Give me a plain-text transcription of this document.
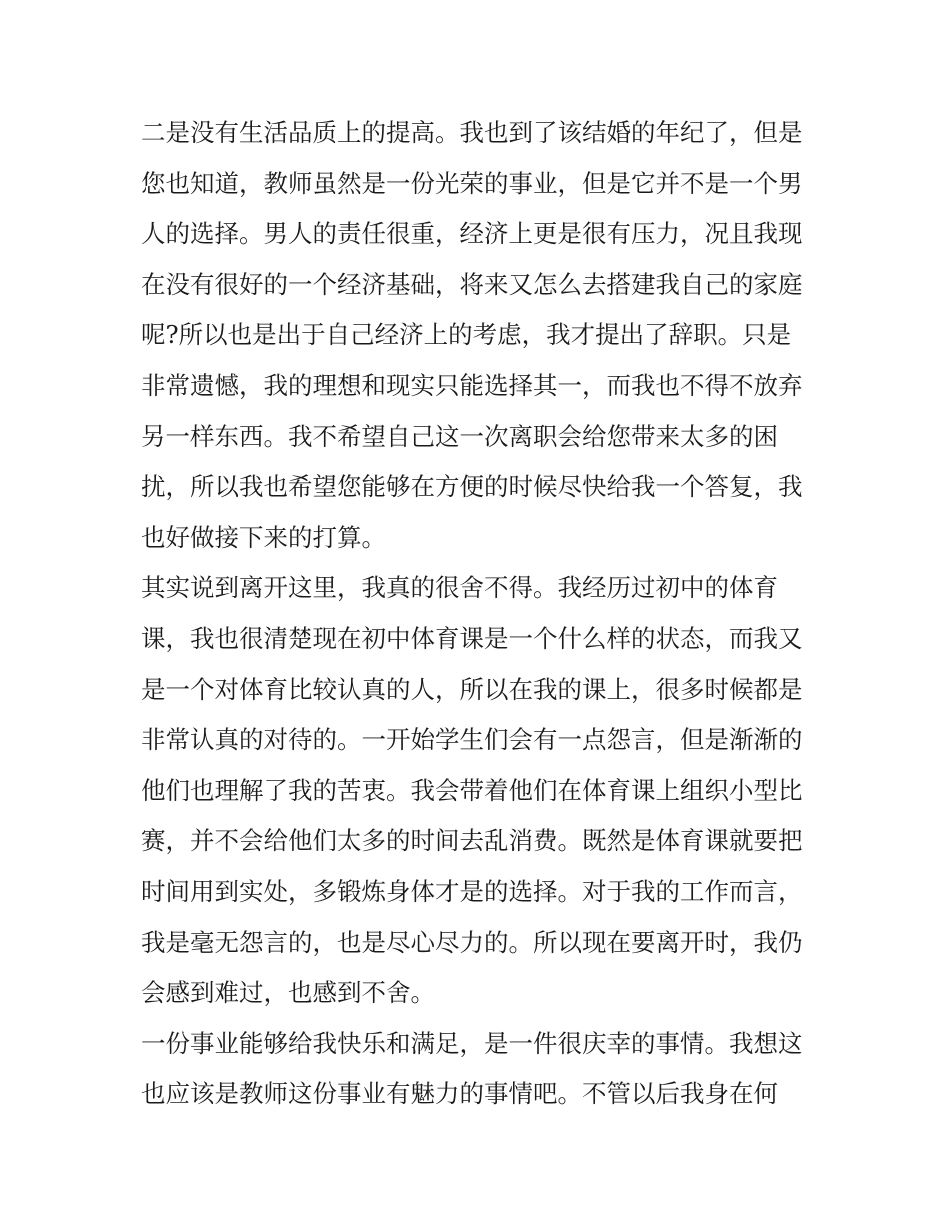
二是没有生活品质上的提高。我也到了该结婚的年纪了，但是
您也知道，教师虽然是一份光荣的事业，但是它并不是一个男
人的选择。男人的责任很重，经济上更是很有压力，况且我现
在没有很好的一个经济基础，将来又怎么去搭建我自己的家庭
呢?所以也是出于自己经济上的考虑，我才提出了辞职。只是
非常遗憾，我的理想和现实只能选择其一，而我也不得不放弃
另一样东西。我不希望自己这一次离职会给您带来太多的困
扰，所以我也希望您能够在方便的时候尽快给我一个答复，我
也好做接下来的打算。
其实说到离开这里，我真的很舍不得。我经历过初中的体育
课，我也很清楚现在初中体育课是一个什么样的状态，而我又
是一个对体育比较认真的人，所以在我的课上，很多时候都是
非常认真的对待的。一开始学生们会有一点怨言，但是渐渐的
他们也理解了我的苦衷。我会带着他们在体育课上组织小型比
赛，并不会给他们太多的时间去乱消费。既然是体育课就要把
时间用到实处，多锻炼身体才是的选择。对于我的工作而言，
我是毫无怨言的，也是尽心尽力的。所以现在要离开时，我仍
会感到难过，也感到不舍。
一份事业能够给我快乐和满足，是一件很庆幸的事情。我想这
也应该是教师这份事业有魅力的事情吧。不管以后我身在何
